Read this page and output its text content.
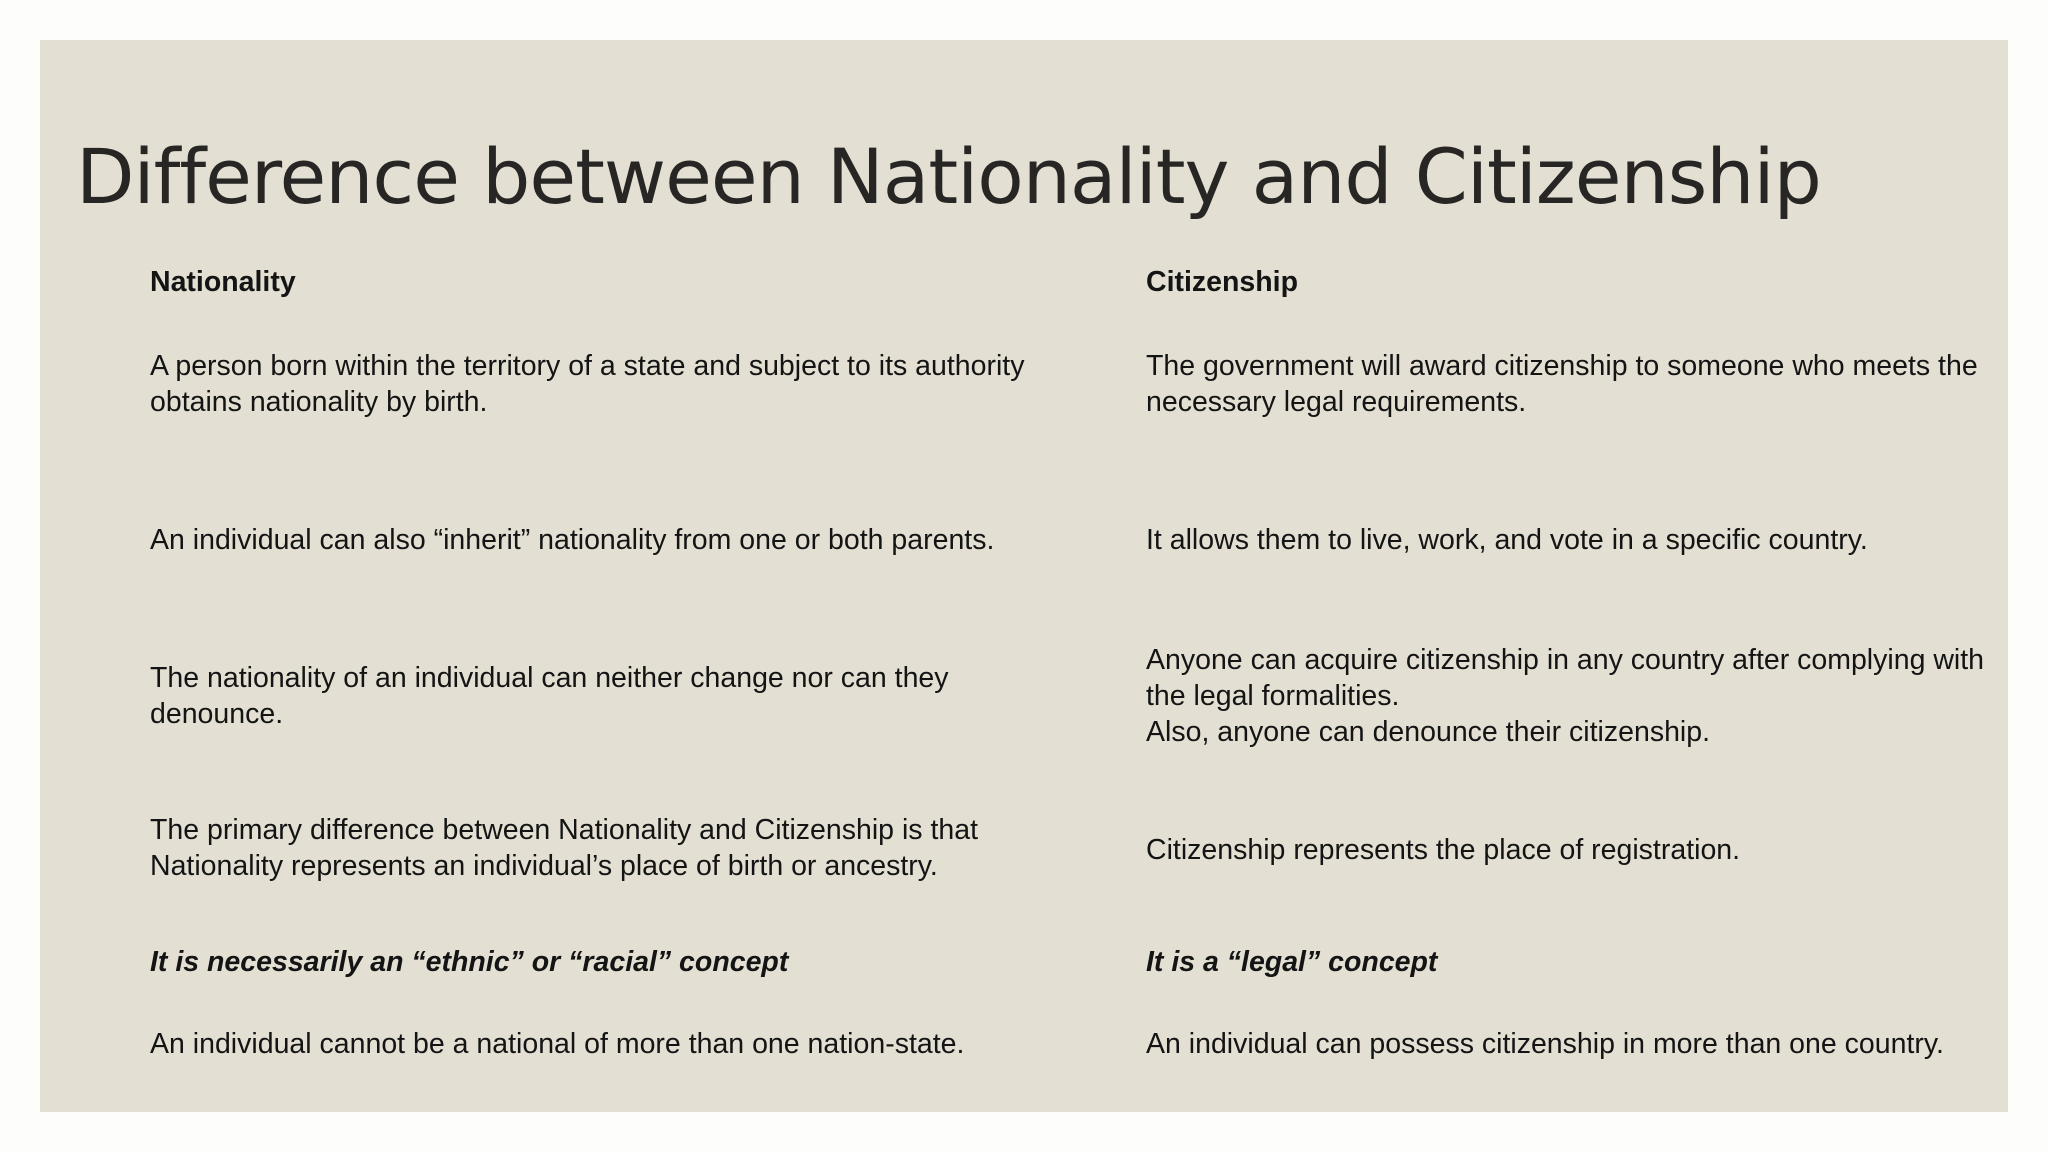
Difference between Nationality and Citizenship

Nationality

A person born within the territory of a state and subject to its authority obtains nationality by birth.

An individual can also “inherit” nationality from one or both parents.

The nationality of an individual can neither change nor can they denounce.

The primary difference between Nationality and Citizenship is that Nationality represents an individual’s place of birth or ancestry.

It is necessarily an “ethnic” or “racial” concept

An individual cannot be a national of more than one nation-state.

Citizenship

The government will award citizenship to someone who meets the necessary legal requirements.

It allows them to live, work, and vote in a specific country.

Anyone can acquire citizenship in any country after complying with the legal formalities.

Also, anyone can denounce their citizenship.

Citizenship represents the place of registration.

It is a “legal” concept

An individual can possess citizenship in more than one country.
